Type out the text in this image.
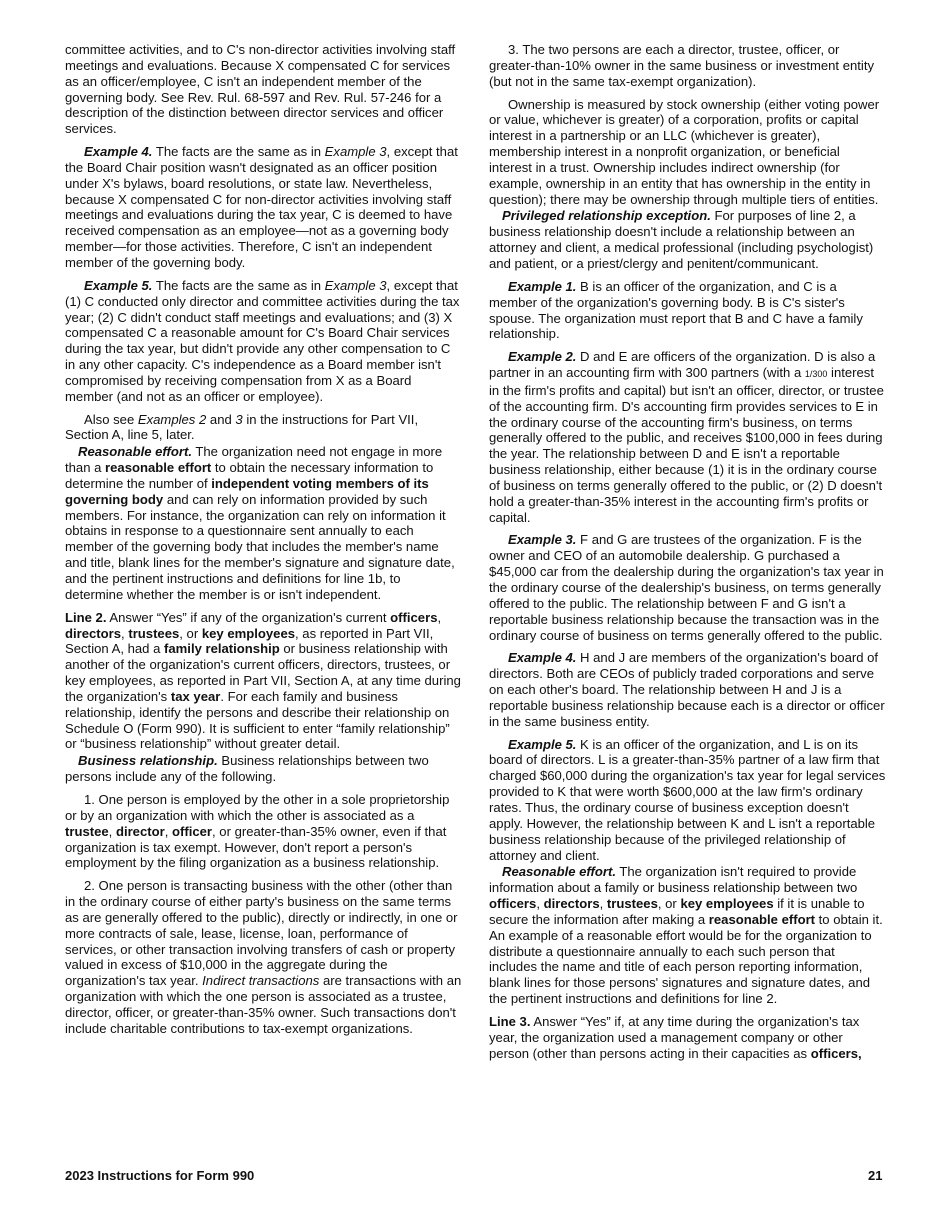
committee activities, and to C's non-director activities involving staff meetings and evaluations. Because X compensated C for services as an officer/employee, C isn't an independent member of the governing body. See Rev. Rul. 68-597 and Rev. Rul. 57-246 for a description of the distinction between director services and officer services.

Example 4. The facts are the same as in Example 3, except that the Board Chair position wasn't designated as an officer position under X's bylaws, board resolutions, or state law. Nevertheless, because X compensated C for non-director activities involving staff meetings and evaluations during the tax year, C is deemed to have received compensation as an employee—not as a governing body member—for those activities. Therefore, C isn't an independent member of the governing body.

Example 5. The facts are the same as in Example 3, except that (1) C conducted only director and committee activities during the tax year; (2) C didn't conduct staff meetings and evaluations; and (3) X compensated C a reasonable amount for C's Board Chair services during the tax year, but didn't provide any other compensation to C in any other capacity. C's independence as a Board member isn't compromised by receiving compensation from X as a Board member (and not as an officer or employee).

Also see Examples 2 and 3 in the instructions for Part VII, Section A, line 5, later.

Reasonable effort. The organization need not engage in more than a reasonable effort to obtain the necessary information to determine the number of independent voting members of its governing body and can rely on information provided by such members. For instance, the organization can rely on information it obtains in response to a questionnaire sent annually to each member of the governing body that includes the member's name and title, blank lines for the member's signature and signature date, and the pertinent instructions and definitions for line 1b, to determine whether the member is or isn't independent.

Line 2. Answer “Yes” if any of the organization's current officers, directors, trustees, or key employees, as reported in Part VII, Section A, had a family relationship or business relationship with another of the organization's current officers, directors, trustees, or key employees, as reported in Part VII, Section A, at any time during the organization's tax year. For each family and business relationship, identify the persons and describe their relationship on Schedule O (Form 990). It is sufficient to enter “family relationship” or “business relationship” without greater detail.

Business relationship. Business relationships between two persons include any of the following.

1. One person is employed by the other in a sole proprietorship or by an organization with which the other is associated as a trustee, director, officer, or greater-than-35% owner, even if that organization is tax exempt. However, don't report a person's employment by the filing organization as a business relationship.

2. One person is transacting business with the other (other than in the ordinary course of either party's business on the same terms as are generally offered to the public), directly or indirectly, in one or more contracts of sale, lease, license, loan, performance of services, or other transaction involving transfers of cash or property valued in excess of $10,000 in the aggregate during the organization's tax year. Indirect transactions are transactions with an organization with which the one person is associated as a trustee, director, officer, or greater-than-35% owner. Such transactions don't include charitable contributions to tax-exempt organizations.

3. The two persons are each a director, trustee, officer, or greater-than-10% owner in the same business or investment entity (but not in the same tax-exempt organization).

Ownership is measured by stock ownership (either voting power or value, whichever is greater) of a corporation, profits or capital interest in a partnership or an LLC (whichever is greater), membership interest in a nonprofit organization, or beneficial interest in a trust. Ownership includes indirect ownership (for example, ownership in an entity that has ownership in the entity in question); there may be ownership through multiple tiers of entities.

Privileged relationship exception. For purposes of line 2, a business relationship doesn't include a relationship between an attorney and client, a medical professional (including psychologist) and patient, or a priest/clergy and penitent/communicant.

Example 1. B is an officer of the organization, and C is a member of the organization's governing body. B is C's sister's spouse. The organization must report that B and C have a family relationship.

Example 2. D and E are officers of the organization. D is also a partner in an accounting firm with 300 partners (with a 1/300 interest in the firm's profits and capital) but isn't an officer, director, or trustee of the accounting firm. D's accounting firm provides services to E in the ordinary course of the accounting firm's business, on terms generally offered to the public, and receives $100,000 in fees during the year. The relationship between D and E isn't a reportable business relationship, either because (1) it is in the ordinary course of business on terms generally offered to the public, or (2) D doesn't hold a greater-than-35% interest in the accounting firm's profits or capital.

Example 3. F and G are trustees of the organization. F is the owner and CEO of an automobile dealership. G purchased a $45,000 car from the dealership during the organization's tax year in the ordinary course of the dealership's business, on terms generally offered to the public. The relationship between F and G isn't a reportable business relationship because the transaction was in the ordinary course of business on terms generally offered to the public.

Example 4. H and J are members of the organization's board of directors. Both are CEOs of publicly traded corporations and serve on each other's board. The relationship between H and J is a reportable business relationship because each is a director or officer in the same business entity.

Example 5. K is an officer of the organization, and L is on its board of directors. L is a greater-than-35% partner of a law firm that charged $60,000 during the organization's tax year for legal services provided to K that were worth $600,000 at the law firm's ordinary rates. Thus, the ordinary course of business exception doesn't apply. However, the relationship between K and L isn't a reportable business relationship because of the privileged relationship of attorney and client.

Reasonable effort. The organization isn't required to provide information about a family or business relationship between two officers, directors, trustees, or key employees if it is unable to secure the information after making a reasonable effort to obtain it. An example of a reasonable effort would be for the organization to distribute a questionnaire annually to each such person that includes the name and title of each person reporting information, blank lines for those persons' signatures and signature dates, and the pertinent instructions and definitions for line 2.

Line 3. Answer “Yes” if, at any time during the organization's tax year, the organization used a management company or other person (other than persons acting in their capacities as officers,

2023 Instructions for Form 990	21
